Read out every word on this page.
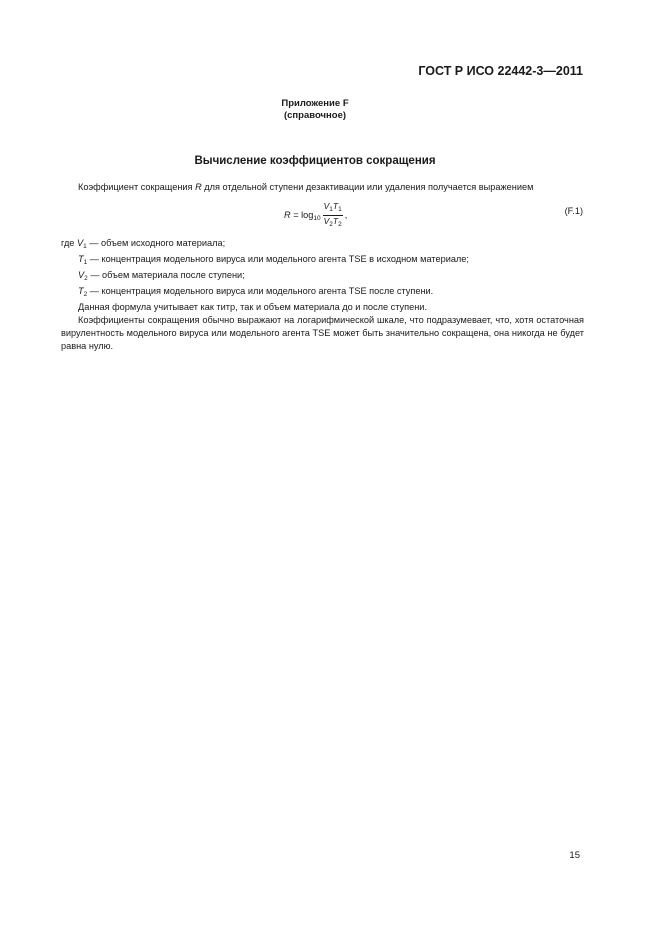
ГОСТ Р ИСО 22442-3—2011
Приложение F
(справочное)
Вычисление коэффициентов сокращения
Коэффициент сокращения R для отдельной ступени дезактивации или удаления получается выражением
$R = \log_{10} \frac{V_1T_1}{V_2T_2}$ ,	(F.1)
где $V_1$ — объем исходного материала;
$T_1$ — концентрация модельного вируса или модельного агента TSE в исходном материале;
$V_2$ — объем материала после ступени;
$T_2$ — концентрация модельного вируса или модельного агента TSE после ступени.
Данная формула учитывает как титр, так и объем материала до и после ступени.
Коэффициенты сокращения обычно выражают на логарифмической шкале, что подразумевает, что, хотя остаточная вирулентность модельного вируса или модельного агента TSE может быть значительно сокращена, она никогда не будет равна нулю.
15
